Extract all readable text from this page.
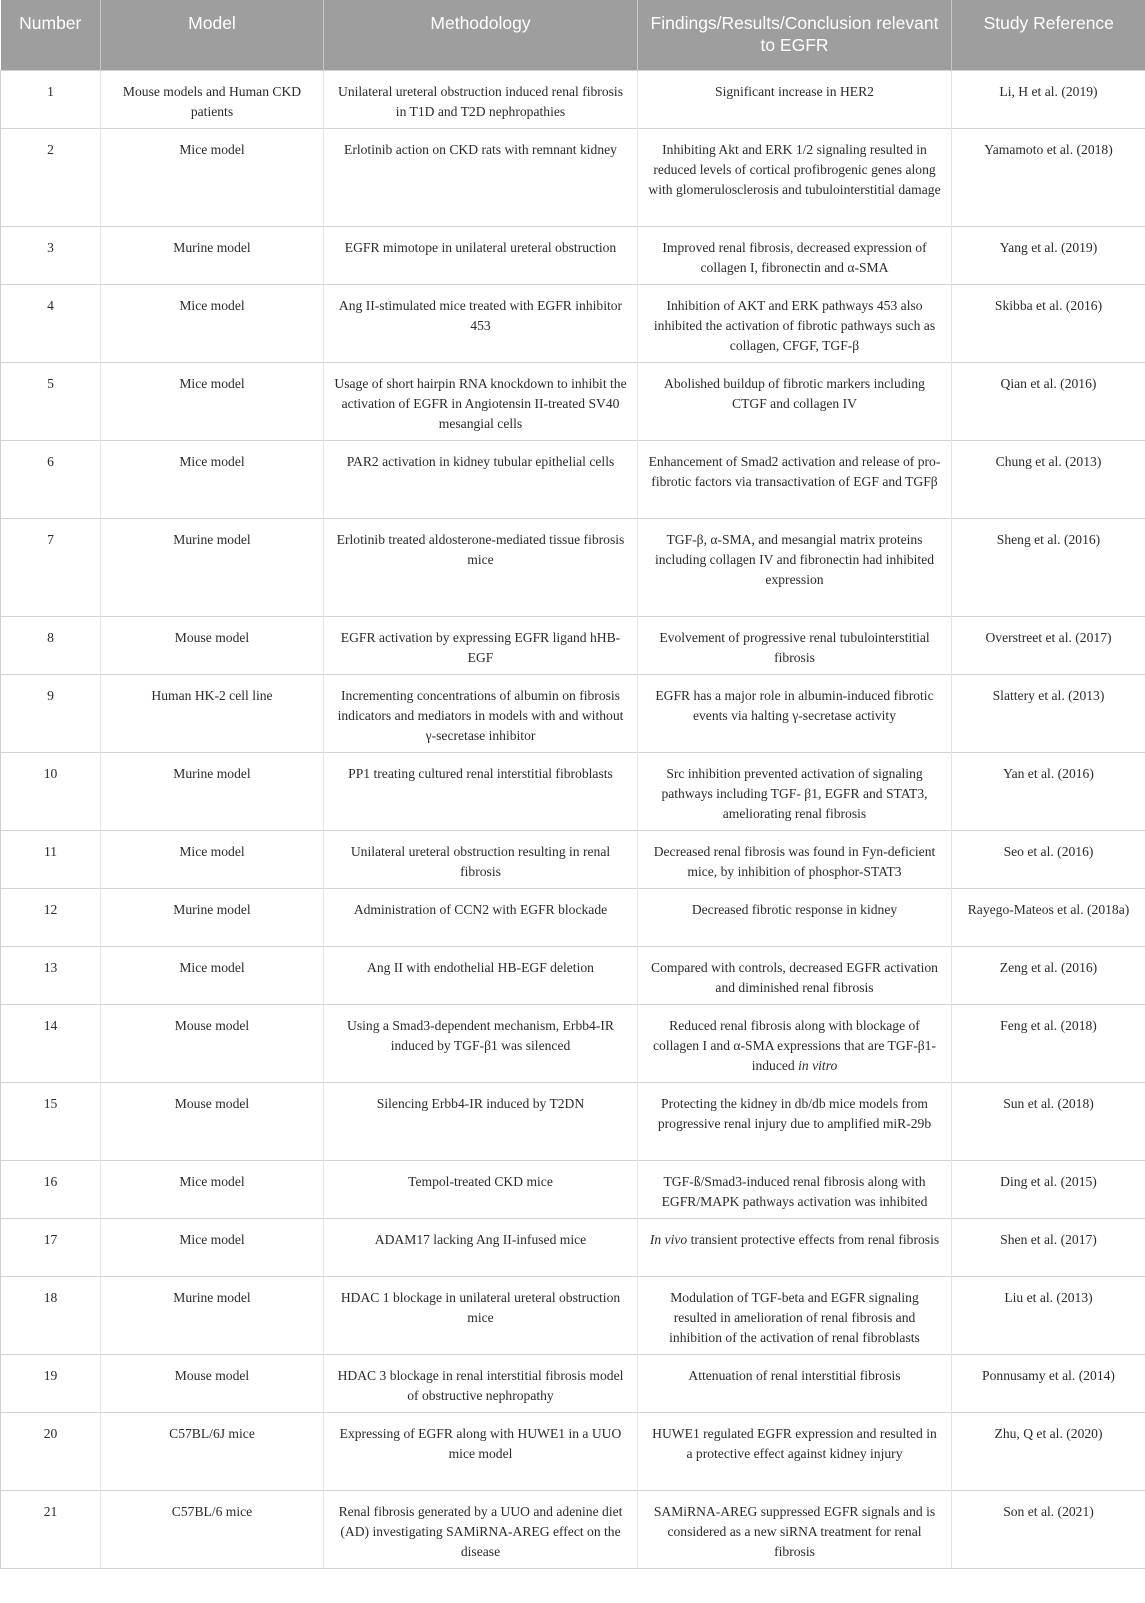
Number	Model	Methodology	Findings/Results/Conclusion relevant to EGFR	Study Reference
1	Mouse models and Human CKD patients	Unilateral ureteral obstruction induced renal fibrosis in T1D and T2D nephropathies	Significant increase in HER2	Li, H et al. (2019)
2	Mice model	Erlotinib action on CKD rats with remnant kidney	Inhibiting Akt and ERK 1/2 signaling resulted in reduced levels of cortical profibrogenic genes along with glomerulosclerosis and tubulointerstitial damage	Yamamoto et al. (2018)
3	Murine model	EGFR mimotope in unilateral ureteral obstruction	Improved renal fibrosis, decreased expression of collagen I, fibronectin and α-SMA	Yang et al. (2019)
4	Mice model	Ang II-stimulated mice treated with EGFR inhibitor 453	Inhibition of AKT and ERK pathways 453 also inhibited the activation of fibrotic pathways such as collagen, CFGF, TGF-β	Skibba et al. (2016)
5	Mice model	Usage of short hairpin RNA knockdown to inhibit the activation of EGFR in Angiotensin II-treated SV40 mesangial cells	Abolished buildup of fibrotic markers including CTGF and collagen IV	Qian et al. (2016)
6	Mice model	PAR2 activation in kidney tubular epithelial cells	Enhancement of Smad2 activation and release of pro-fibrotic factors via transactivation of EGF and TGFβ	Chung et al. (2013)
7	Murine model	Erlotinib treated aldosterone-mediated tissue fibrosis mice	TGF-β, α-SMA, and mesangial matrix proteins including collagen IV and fibronectin had inhibited expression	Sheng et al. (2016)
8	Mouse model	EGFR activation by expressing EGFR ligand hHB-EGF	Evolvement of progressive renal tubulointerstitial fibrosis	Overstreet et al. (2017)
9	Human HK-2 cell line	Incrementing concentrations of albumin on fibrosis indicators and mediators in models with and without γ-secretase inhibitor	EGFR has a major role in albumin-induced fibrotic events via halting γ-secretase activity	Slattery et al. (2013)
10	Murine model	PP1 treating cultured renal interstitial fibroblasts	Src inhibition prevented activation of signaling pathways including TGF- β1, EGFR and STAT3, ameliorating renal fibrosis	Yan et al. (2016)
11	Mice model	Unilateral ureteral obstruction resulting in renal fibrosis	Decreased renal fibrosis was found in Fyn-deficient mice, by inhibition of phosphor-STAT3	Seo et al. (2016)
12	Murine model	Administration of CCN2 with EGFR blockade	Decreased fibrotic response in kidney	Rayego-Mateos et al. (2018a)
13	Mice model	Ang II with endothelial HB-EGF deletion	Compared with controls, decreased EGFR activation and diminished renal fibrosis	Zeng et al. (2016)
14	Mouse model	Using a Smad3-dependent mechanism, Erbb4-IR induced by TGF-β1 was silenced	Reduced renal fibrosis along with blockage of collagen I and α-SMA expressions that are TGF-β1-induced in vitro	Feng et al. (2018)
15	Mouse model	Silencing Erbb4-IR induced by T2DN	Protecting the kidney in db/db mice models from progressive renal injury due to amplified miR-29b	Sun et al. (2018)
16	Mice model	Tempol-treated CKD mice	TGF-ß/Smad3-induced renal fibrosis along with EGFR/MAPK pathways activation was inhibited	Ding et al. (2015)
17	Mice model	ADAM17 lacking Ang II-infused mice	In vivo transient protective effects from renal fibrosis	Shen et al. (2017)
18	Murine model	HDAC 1 blockage in unilateral ureteral obstruction mice	Modulation of TGF-beta and EGFR signaling resulted in amelioration of renal fibrosis and inhibition of the activation of renal fibroblasts	Liu et al. (2013)
19	Mouse model	HDAC 3 blockage in renal interstitial fibrosis model of obstructive nephropathy	Attenuation of renal interstitial fibrosis	Ponnusamy et al. (2014)
20	C57BL/6J mice	Expressing of EGFR along with HUWE1 in a UUO mice model	HUWE1 regulated EGFR expression and resulted in a protective effect against kidney injury	Zhu, Q et al. (2020)
21	C57BL/6 mice	Renal fibrosis generated by a UUO and adenine diet (AD) investigating SAMiRNA-AREG effect on the disease	SAMiRNA-AREG suppressed EGFR signals and is considered as a new siRNA treatment for renal fibrosis	Son et al. (2021)
